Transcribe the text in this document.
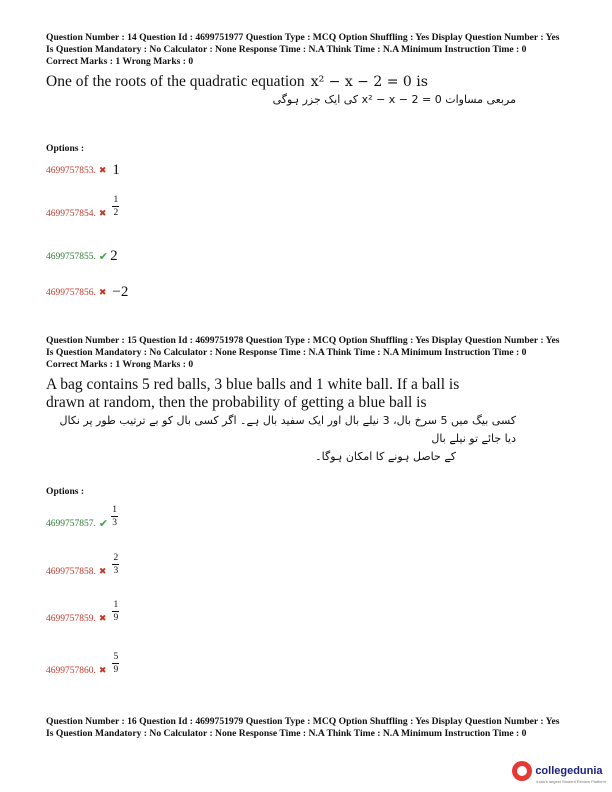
Question Number : 14 Question Id : 4699751977 Question Type : MCQ Option Shuffling : Yes Display Question Number : Yes Is Question Mandatory : No Calculator : None Response Time : N.A Think Time : N.A Minimum Instruction Time : 0
Correct Marks : 1 Wrong Marks : 0
One of the roots of the quadratic equation x² − x − 2 = 0 is
مربعی مساوات x² − x − 2 = 0 کی ایک جزر ہوگی
Options :
4699757853. ✖ 1
4699757854. ✖ $\frac{1}{2}$
4699757855. ✔ 2
4699757856. ✖ −2
Question Number : 15 Question Id : 4699751978 Question Type : MCQ Option Shuffling : Yes Display Question Number : Yes Is Question Mandatory : No Calculator : None Response Time : N.A Think Time : N.A Minimum Instruction Time : 0
Correct Marks : 1 Wrong Marks : 0
A bag contains 5 red balls, 3 blue balls and 1 white ball. If a ball is drawn at random, then the probability of getting a blue ball is
کسی بیگ میں 5 سرخ بال، 3 نیلے بال اور ایک سفید بال ہے۔ اگر کسی بال کو بے ترتیب طور پر نکال دیا جائے تو نیلے بال
کے حاصل ہونے کا امکان ہوگا۔
Options :
4699757857. ✔ $\frac{1}{3}$
4699757858. ✖ $\frac{2}{3}$
4699757859. ✖ $\frac{1}{9}$
4699757860. ✖ $\frac{5}{9}$
Question Number : 16 Question Id : 4699751979 Question Type : MCQ Option Shuffling : Yes Display Question Number : Yes Is Question Mandatory : No Calculator : None Response Time : N.A Think Time : N.A Minimum Instruction Time : 0
collegedunia
India's largest Student Review Platform
